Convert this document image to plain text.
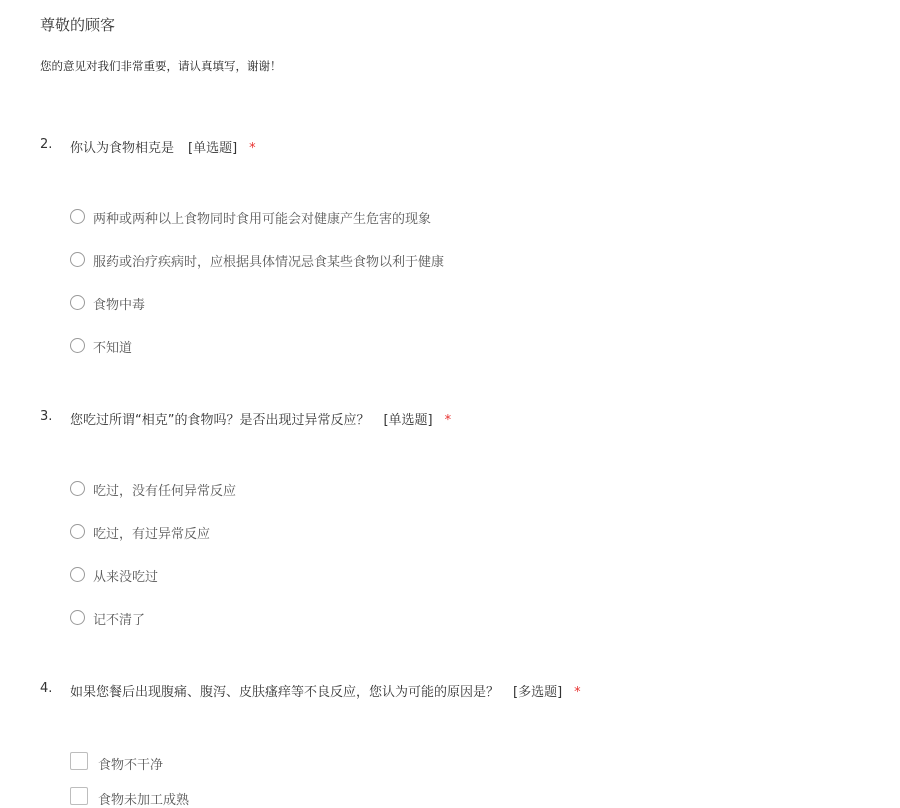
尊敬的顾客
您的意见对我们非常重要，请认真填写，谢谢！
2. 你认为食物相克是 [单选题] *
两种或两种以上食物同时食用可能会对健康产生危害的现象
服药或治疗疾病时，应根据具体情况忌食某些食物以利于健康
食物中毒
不知道
3. 您吃过所谓“相克”的食物吗？是否出现过异常反应？ [单选题] *
吃过，没有任何异常反应
吃过，有过异常反应
从来没吃过
记不清了
4. 如果您餐后出现腹痛、腹泻、皮肤瘙痒等不良反应，您认为可能的原因是？ [多选题] *
食物不干净
食物未加工成熟
